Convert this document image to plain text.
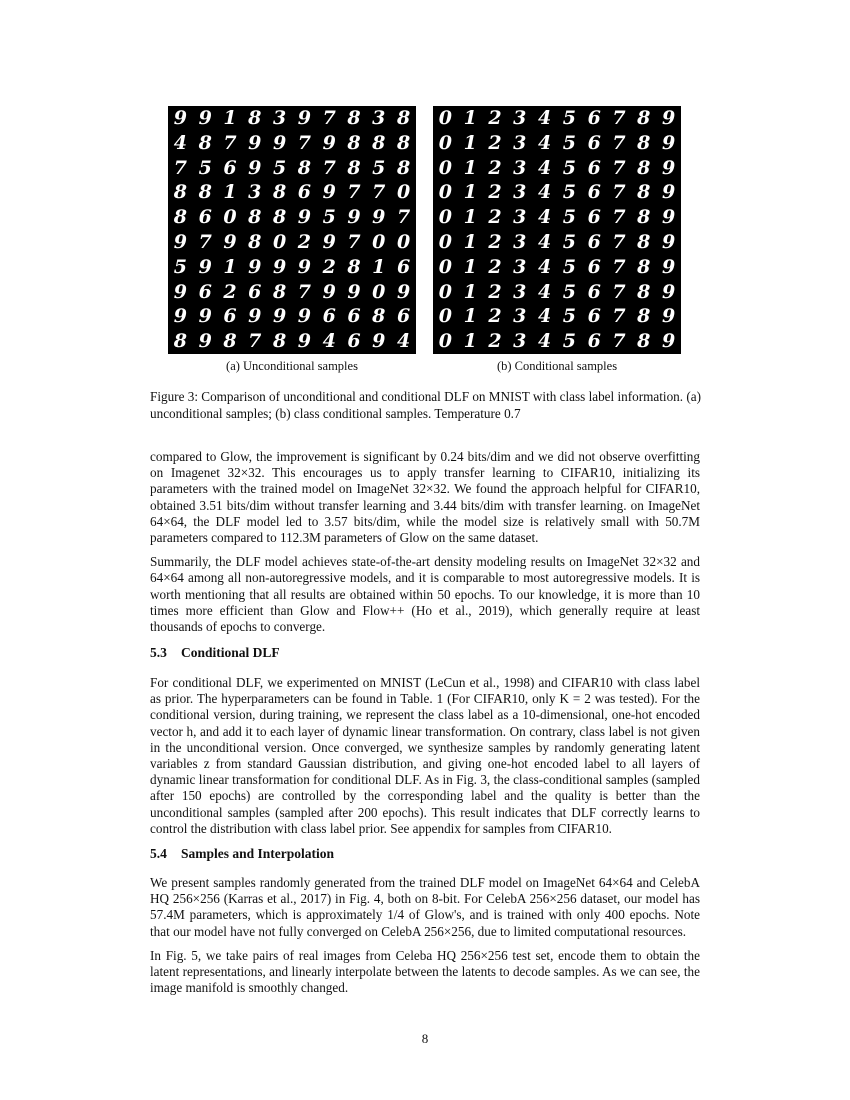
9 9 1 8 3 9 7 8 3 8
4 8 7 9 9 7 9 8 8 8
7 5 6 9 5 8 7 8 5 8
8 8 1 3 8 6 9 7 7 0
8 6 0 8 8 9 5 9 9 7
9 7 9 8 0 2 9 7 0 0
5 9 1 9 9 9 2 8 1 6
9 6 2 6 8 7 9 9 0 9
9 9 6 9 9 9 6 6 8 6
8 9 8 7 8 9 4 6 9 4
0 1 2 3 4 5 6 7 8 9
0 1 2 3 4 5 6 7 8 9
0 1 2 3 4 5 6 7 8 9
0 1 2 3 4 5 6 7 8 9
0 1 2 3 4 5 6 7 8 9
0 1 2 3 4 5 6 7 8 9
0 1 2 3 4 5 6 7 8 9
0 1 2 3 4 5 6 7 8 9
0 1 2 3 4 5 6 7 8 9
0 1 2 3 4 5 6 7 8 9
(a) Unconditional samples	(b) Conditional samples
Figure 3: Comparison of unconditional and conditional DLF on MNIST with class label information. (a) unconditional samples; (b) class conditional samples. Temperature 0.7

compared to Glow, the improvement is significant by 0.24 bits/dim and we did not observe overfitting on Imagenet 32×32. This encourages us to apply transfer learning to CIFAR10, initializing its parameters with the trained model on ImageNet 32×32. We found the approach helpful for CIFAR10, obtained 3.51 bits/dim without transfer learning and 3.44 bits/dim with transfer learning. on ImageNet 64×64, the DLF model led to 3.57 bits/dim, while the model size is relatively small with 50.7M parameters compared to 112.3M parameters of Glow on the same dataset.

Summarily, the DLF model achieves state-of-the-art density modeling results on ImageNet 32×32 and 64×64 among all non-autoregressive models, and it is comparable to most autoregressive models. It is worth mentioning that all results are obtained within 50 epochs. To our knowledge, it is more than 10 times more efficient than Glow and Flow++ (Ho et al., 2019), which generally require at least thousands of epochs to converge.

5.3 Conditional DLF

For conditional DLF, we experimented on MNIST (LeCun et al., 1998) and CIFAR10 with class label as prior. The hyperparameters can be found in Table. 1 (For CIFAR10, only K = 2 was tested). For the conditional version, during training, we represent the class label as a 10-dimensional, one-hot encoded vector h, and add it to each layer of dynamic linear transformation. On contrary, class label is not given in the unconditional version. Once converged, we synthesize samples by randomly generating latent variables z from standard Gaussian distribution, and giving one-hot encoded label to all layers of dynamic linear transformation for conditional DLF. As in Fig. 3, the class-conditional samples (sampled after 150 epochs) are controlled by the corresponding label and the quality is better than the unconditional samples (sampled after 200 epochs). This result indicates that DLF correctly learns to control the distribution with class label prior. See appendix for samples from CIFAR10.

5.4 Samples and Interpolation

We present samples randomly generated from the trained DLF model on ImageNet 64×64 and CelebA HQ 256×256 (Karras et al., 2017) in Fig. 4, both on 8-bit. For CelebA 256×256 dataset, our model has 57.4M parameters, which is approximately 1/4 of Glow's, and is trained with only 400 epochs. Note that our model have not fully converged on CelebA 256×256, due to limited computational resources.

In Fig. 5, we take pairs of real images from Celeba HQ 256×256 test set, encode them to obtain the latent representations, and linearly interpolate between the latents to decode samples. As we can see, the image manifold is smoothly changed.

8
